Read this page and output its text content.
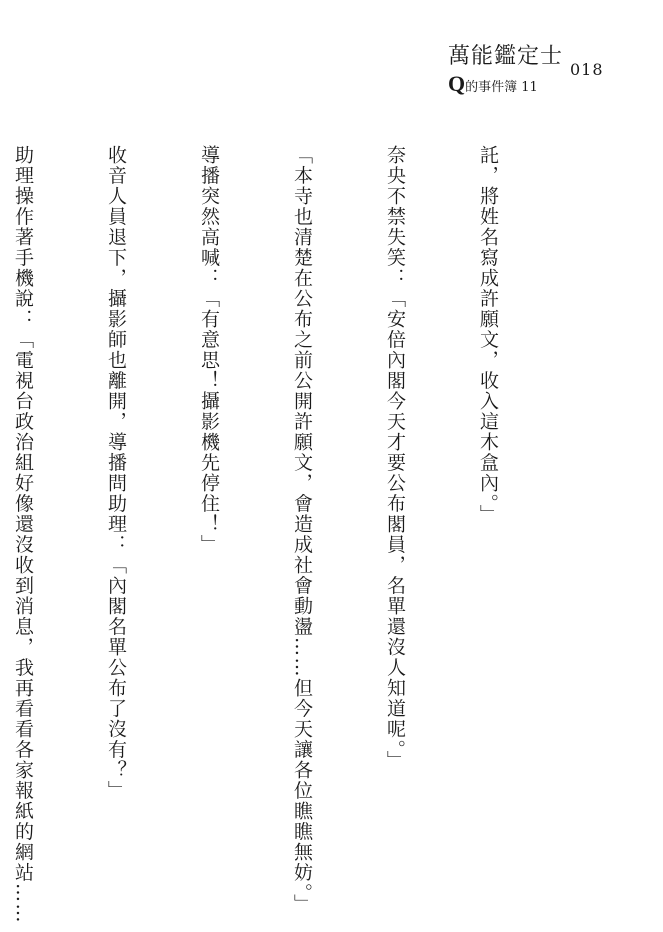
萬能鑑定士
Q的事件簿 11
018

託，將姓名寫成許願文，收入這木盒內。」

奈央不禁失笑：「安倍內閣今天才要公布閣員，名單還沒人知道呢。」

「本寺也清楚在公布之前公開許願文，會造成社會動盪……但今天讓各位瞧瞧無妨。」

導播突然高喊：「有意思！攝影機先停住！」

收音人員退下，攝影師也離開，導播問助理：「內閣名單公布了沒有？」

助理操作著手機說：「電視台政治組好像還沒收到消息，我再看看各家報紙的網站……
